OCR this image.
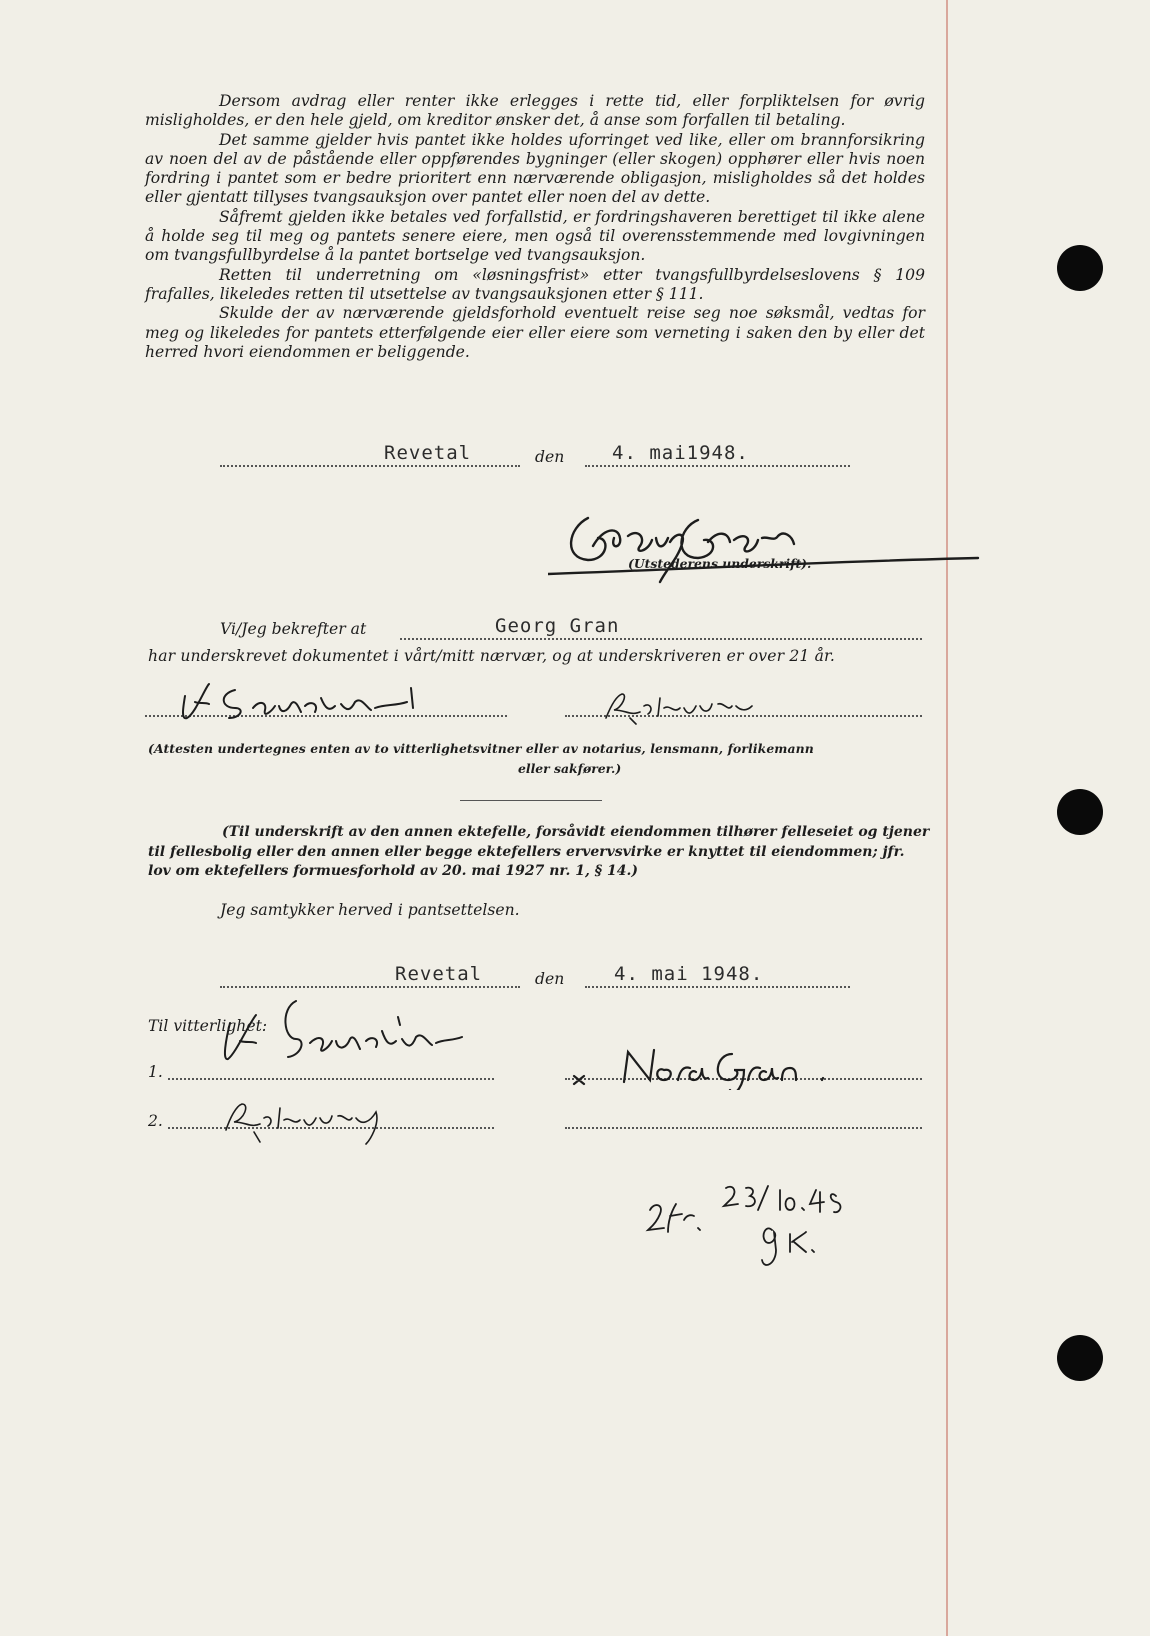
Dersom avdrag eller renter ikke erlegges i rette tid, eller forpliktelsen for øvrig misligholdes, er den hele gjeld, om kreditor ønsker det, å anse som forfallen til betaling.

Det samme gjelder hvis pantet ikke holdes uforringet ved like, eller om brannforsikring av noen del av de påstående eller oppførendes bygninger (eller skogen) opphører eller hvis noen fordring i pantet som er bedre prioritert enn nærværende obligasjon, misligholdes så det holdes eller gjentatt tillyses tvangsauksjon over pantet eller noen del av dette.

Såfremt gjelden ikke betales ved forfallstid, er fordringshaveren berettiget til ikke alene å holde seg til meg og pantets senere eiere, men også til overensstemmende med lovgivningen om tvangsfullbyrdelse å la pantet bortselge ved tvangsauksjon.

Retten til underretning om «løsningsfrist» etter tvangsfullbyrdelseslovens § 109 frafalles, likeledes retten til utsettelse av tvangsauksjonen etter § 111.

Skulde der av nærværende gjeldsforhold eventuelt reise seg noe søksmål, vedtas for meg og likeledes for pantets etterfølgende eier eller eiere som verneting i saken den by eller det herred hvori eiendommen er beliggende.

Revetal	den	4. mai1948.
(Utstederens underskrift).
Vi/Jeg bekrefter at	Georg Gran
har underskrevet dokumentet i vårt/mitt nærvær, og at underskriveren er over 21 år.
(Attesten undertegnes enten av to vitterlighetsvitner eller av notarius, lensmann, forlikemann
eller sakfører.)
(Til underskrift av den annen ektefelle, forsåvidt eiendommen tilhører felleseiet og tjener
til fellesbolig eller den annen eller begge ektefellers ervervsvirke er knyttet til eiendommen; jfr.
lov om ektefellers formuesforhold av 20. mai 1927 nr. 1, § 14.)
Jeg samtykker herved i pantsettelsen.
Revetal	den	4. mai 1948.
Til vitterlighet:
1.
2.
